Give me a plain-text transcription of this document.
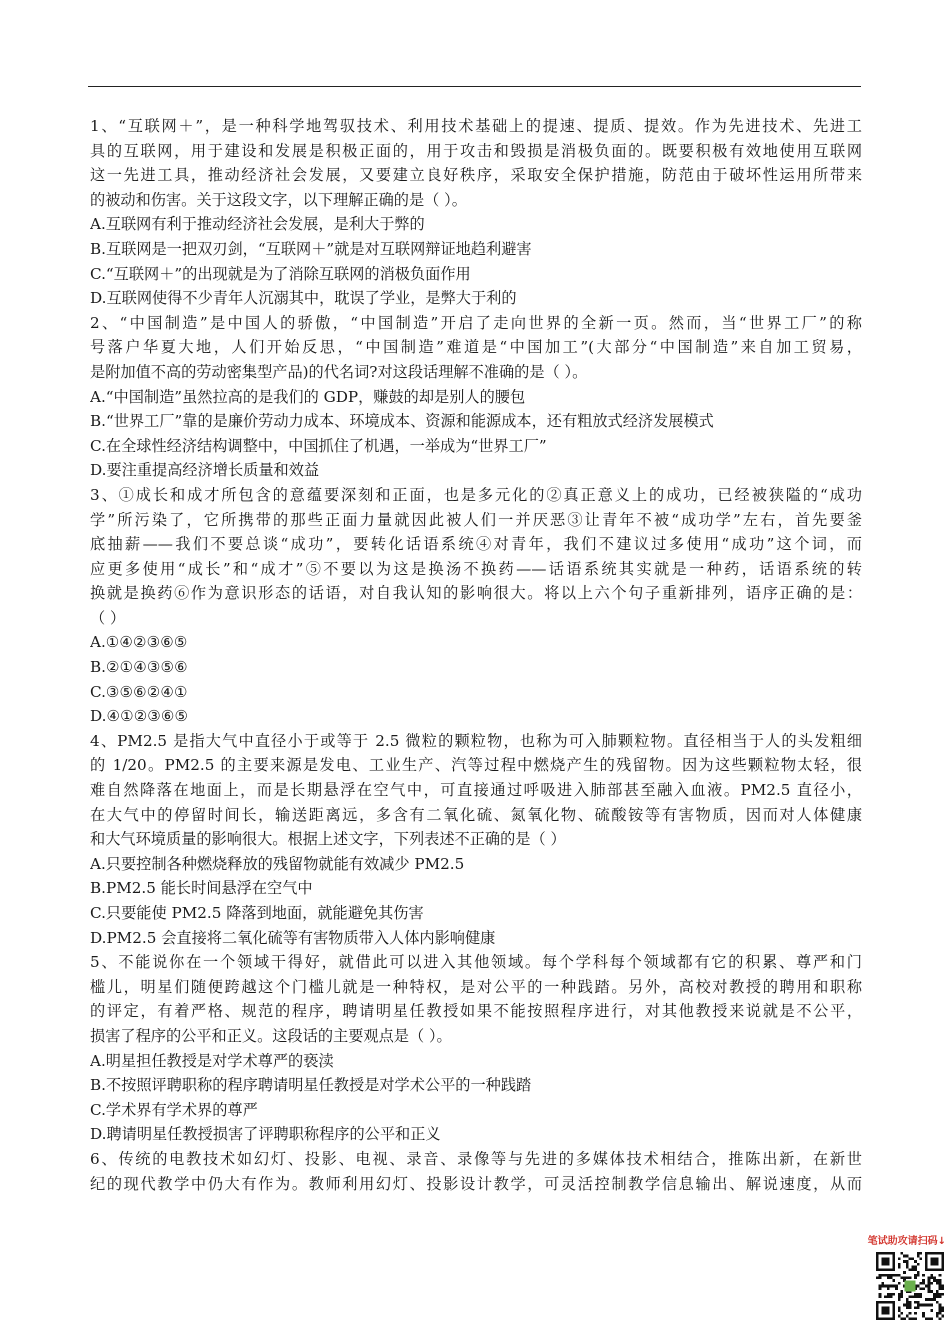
1、“互联网＋”，是一种科学地驾驭技术、利用技术基础上的提速、提质、提效。作为先进技术、先进工
具的互联网，用于建设和发展是积极正面的，用于攻击和毁损是消极负面的。既要积极有效地使用互联网
这一先进工具，推动经济社会发展，又要建立良好秩序，采取安全保护措施，防范由于破坏性运用所带来
的被动和伤害。关于这段文字，以下理解正确的是（ ）。
A.互联网有利于推动经济社会发展，是利大于弊的
B.互联网是一把双刃剑，“互联网＋”就是对互联网辩证地趋利避害
C.“互联网＋”的出现就是为了消除互联网的消极负面作用
D.互联网使得不少青年人沉溺其中，耽误了学业，是弊大于利的
2、“中国制造”是中国人的骄傲，“中国制造”开启了走向世界的全新一页。然而，当“世界工厂”的称
号落户华夏大地，人们开始反思，“中国制造”难道是“中国加工”(大部分“中国制造”来自加工贸易，
是附加值不高的劳动密集型产品)的代名词?对这段话理解不准确的是（ ）。
A.“中国制造”虽然拉高的是我们的 GDP，赚鼓的却是别人的腰包
B.“世界工厂”靠的是廉价劳动力成本、环境成本、资源和能源成本，还有粗放式经济发展模式
C.在全球性经济结构调整中，中国抓住了机遇，一举成为“世界工厂”
D.要注重提高经济增长质量和效益
3、①成长和成才所包含的意蕴要深刻和正面，也是多元化的②真正意义上的成功，已经被狭隘的“成功
学”所污染了，它所携带的那些正面力量就因此被人们一并厌恶③让青年不被“成功学”左右，首先要釜
底抽薪——我们不要总谈“成功”，要转化话语系统④对青年，我们不建议过多使用“成功”这个词，而
应更多使用“成长”和“成才”⑤不要以为这是换汤不换药——话语系统其实就是一种药，话语系统的转
换就是换药⑥作为意识形态的话语，对自我认知的影响很大。将以上六个句子重新排列，语序正确的是：
（ ）
A.①④②③⑥⑤
B.②①④③⑤⑥
C.③⑤⑥②④①
D.④①②③⑥⑤
4、PM2.5 是指大气中直径小于或等于 2.5 微粒的颗粒物，也称为可入肺颗粒物。直径相当于人的头发粗细
的 1/20。PM2.5 的主要来源是发电、工业生产、汽等过程中燃烧产生的残留物。因为这些颗粒物太轻，很
难自然降落在地面上，而是长期悬浮在空气中，可直接通过呼吸进入肺部甚至融入血液。PM2.5 直径小，
在大气中的停留时间长，输送距离远，多含有二氧化硫、氮氧化物、硫酸铵等有害物质，因而对人体健康
和大气环境质量的影响很大。根据上述文字，下列表述不正确的是（ ）
A.只要控制各种燃烧释放的残留物就能有效减少 PM2.5
B.PM2.5 能长时间悬浮在空气中
C.只要能使 PM2.5 降落到地面，就能避免其伤害
D.PM2.5 会直接将二氧化硫等有害物质带入人体内影响健康
5、不能说你在一个领域干得好，就借此可以进入其他领域。每个学科每个领域都有它的积累、尊严和门
槛儿，明星们随便跨越这个门槛儿就是一种特权，是对公平的一种践踏。另外，高校对教授的聘用和职称
的评定，有着严格、规范的程序，聘请明星任教授如果不能按照程序进行，对其他教授来说就是不公平，
损害了程序的公平和正义。这段话的主要观点是（ ）。
A.明星担任教授是对学术尊严的亵渎
B.不按照评聘职称的程序聘请明星任教授是对学术公平的一种践踏
C.学术界有学术界的尊严
D.聘请明星任教授损害了评聘职称程序的公平和正义
6、传统的电教技术如幻灯、投影、电视、录音、录像等与先进的多媒体技术相结合，推陈出新，在新世
纪的现代教学中仍大有作为。教师利用幻灯、投影设计教学，可灵活控制教学信息输出、解说速度，从而
笔试助攻请扫码↓
